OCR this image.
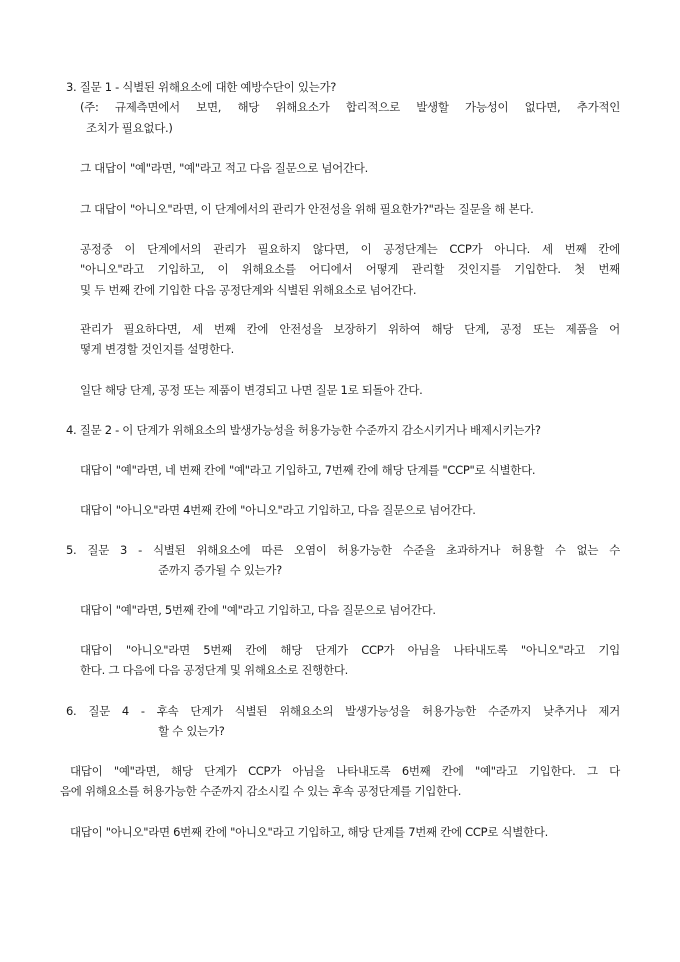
3. 질문 1 - 식별된 위해요소에 대한 예방수단이 있는가?
(주: 규제측면에서 보면, 해당 위해요소가 합리적으로 발생할 가능성이 없다면, 추가적인
조치가 필요없다.)
그 대답이 "예"라면, "예"라고 적고 다음 질문으로 넘어간다.
그 대답이 "아니오"라면, 이 단계에서의 관리가 안전성을 위해 필요한가?"라는 질문을 해 본다.
공정중 이 단계에서의 관리가 필요하지 않다면, 이 공정단계는 CCP가 아니다. 세 번째 칸에
"아니오"라고 기입하고, 이 위해요소를 어디에서 어떻게 관리할 것인지를 기입한다. 첫 번째
및 두 번째 칸에 기입한 다음 공정단계와 식별된 위해요소로 넘어간다.
관리가 필요하다면, 세 번째 칸에 안전성을 보장하기 위하여 해당 단계, 공정 또는 제품을 어
떻게 변경할 것인지를 설명한다.
일단 해당 단계, 공정 또는 제품이 변경되고 나면 질문 1로 되돌아 간다.
4. 질문 2 - 이 단계가 위해요소의 발생가능성을 허용가능한 수준까지 감소시키거나 배제시키는가?
대답이 "예"라면, 네 번째 칸에 "예"라고 기입하고, 7번째 칸에 해당 단계를 "CCP"로 식별한다.
대답이 "아니오"라면 4번째 칸에 "아니오"라고 기입하고, 다음 질문으로 넘어간다.
5. 질문 3 - 식별된 위해요소에 따른 오염이 허용가능한 수준을 초과하거나 허용할 수 없는 수
준까지 증가될 수 있는가?
대답이 "예"라면, 5번째 칸에 "예"라고 기입하고, 다음 질문으로 넘어간다.
대답이 "아니오"라면 5번째 칸에 해당 단계가 CCP가 아님을 나타내도록 "아니오"라고 기입
한다. 그 다음에 다음 공정단계 및 위해요소로 진행한다.
6. 질문 4 - 후속 단계가 식별된 위해요소의 발생가능성을 허용가능한 수준까지 낮추거나 제거
할 수 있는가?
대답이 "예"라면, 해당 단계가 CCP가 아님을 나타내도록 6번째 칸에 "예"라고 기입한다. 그 다
음에 위해요소를 허용가능한 수준까지 감소시킬 수 있는 후속 공정단계를 기입한다.
대답이 "아니오"라면 6번째 칸에 "아니오"라고 기입하고, 해당 단계를 7번째 칸에 CCP로 식별한다.
